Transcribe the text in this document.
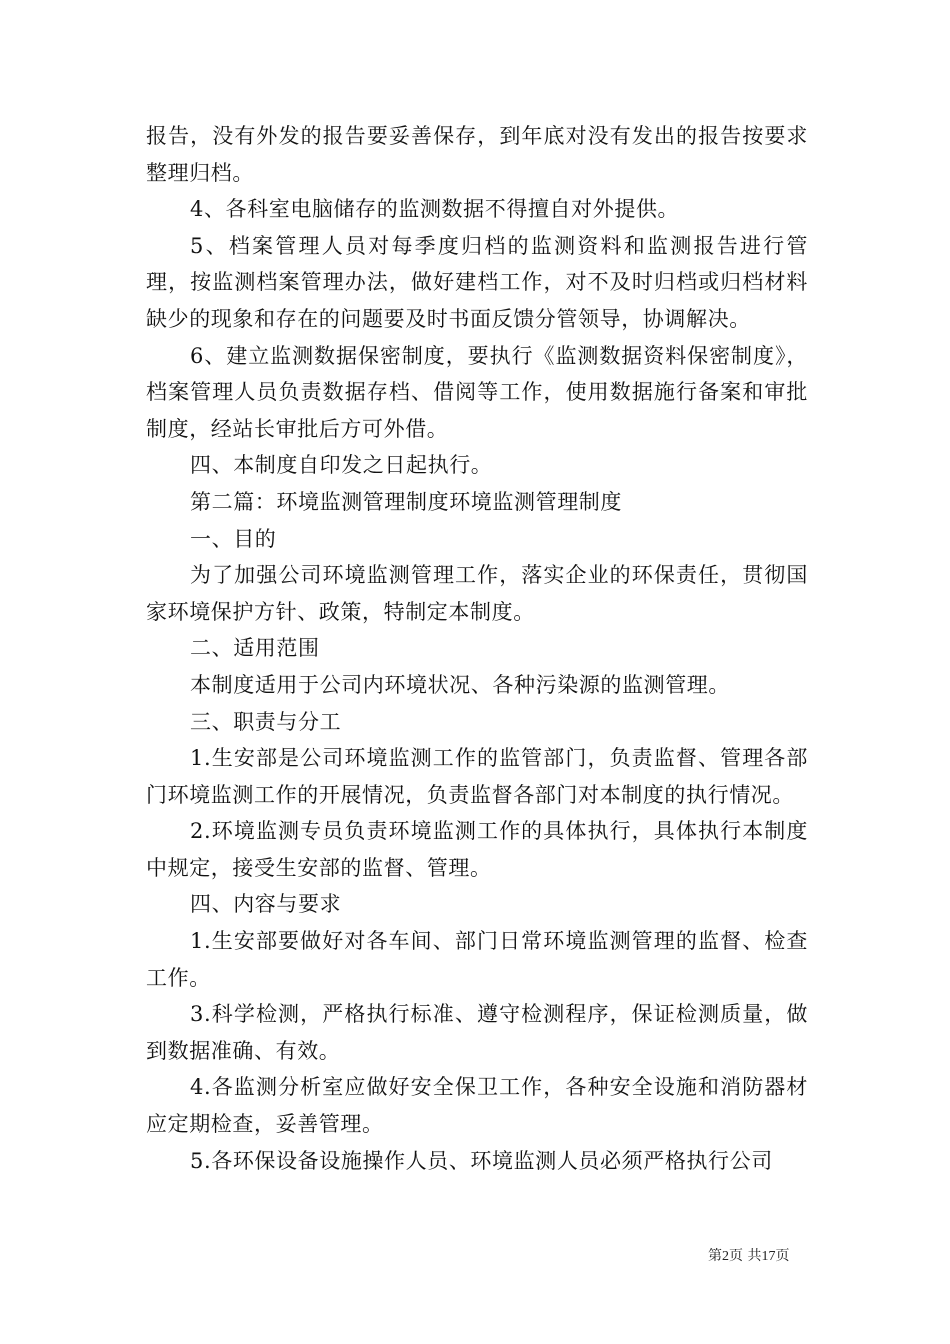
报告，没有外发的报告要妥善保存，到年底对没有发出的报告按要求整理归档。

4、各科室电脑储存的监测数据不得擅自对外提供。

5、档案管理人员对每季度归档的监测资料和监测报告进行管理，按监测档案管理办法，做好建档工作，对不及时归档或归档材料缺少的现象和存在的问题要及时书面反馈分管领导，协调解决。

6、建立监测数据保密制度，要执行《监测数据资料保密制度》，档案管理人员负责数据存档、借阅等工作，使用数据施行备案和审批制度，经站长审批后方可外借。

四、本制度自印发之日起执行。

第二篇：环境监测管理制度环境监测管理制度

一、目的

为了加强公司环境监测管理工作，落实企业的环保责任，贯彻国家环境保护方针、政策，特制定本制度。

二、适用范围

本制度适用于公司内环境状况、各种污染源的监测管理。

三、职责与分工

1.生安部是公司环境监测工作的监管部门，负责监督、管理各部门环境监测工作的开展情况，负责监督各部门对本制度的执行情况。

2.环境监测专员负责环境监测工作的具体执行，具体执行本制度中规定，接受生安部的监督、管理。

四、内容与要求

1.生安部要做好对各车间、部门日常环境监测管理的监督、检查工作。

3.科学检测，严格执行标准、遵守检测程序，保证检测质量，做到数据准确、有效。

4.各监测分析室应做好安全保卫工作，各种安全设施和消防器材应定期检查，妥善管理。

5.各环保设备设施操作人员、环境监测人员必须严格执行公司

第2页 共17页
